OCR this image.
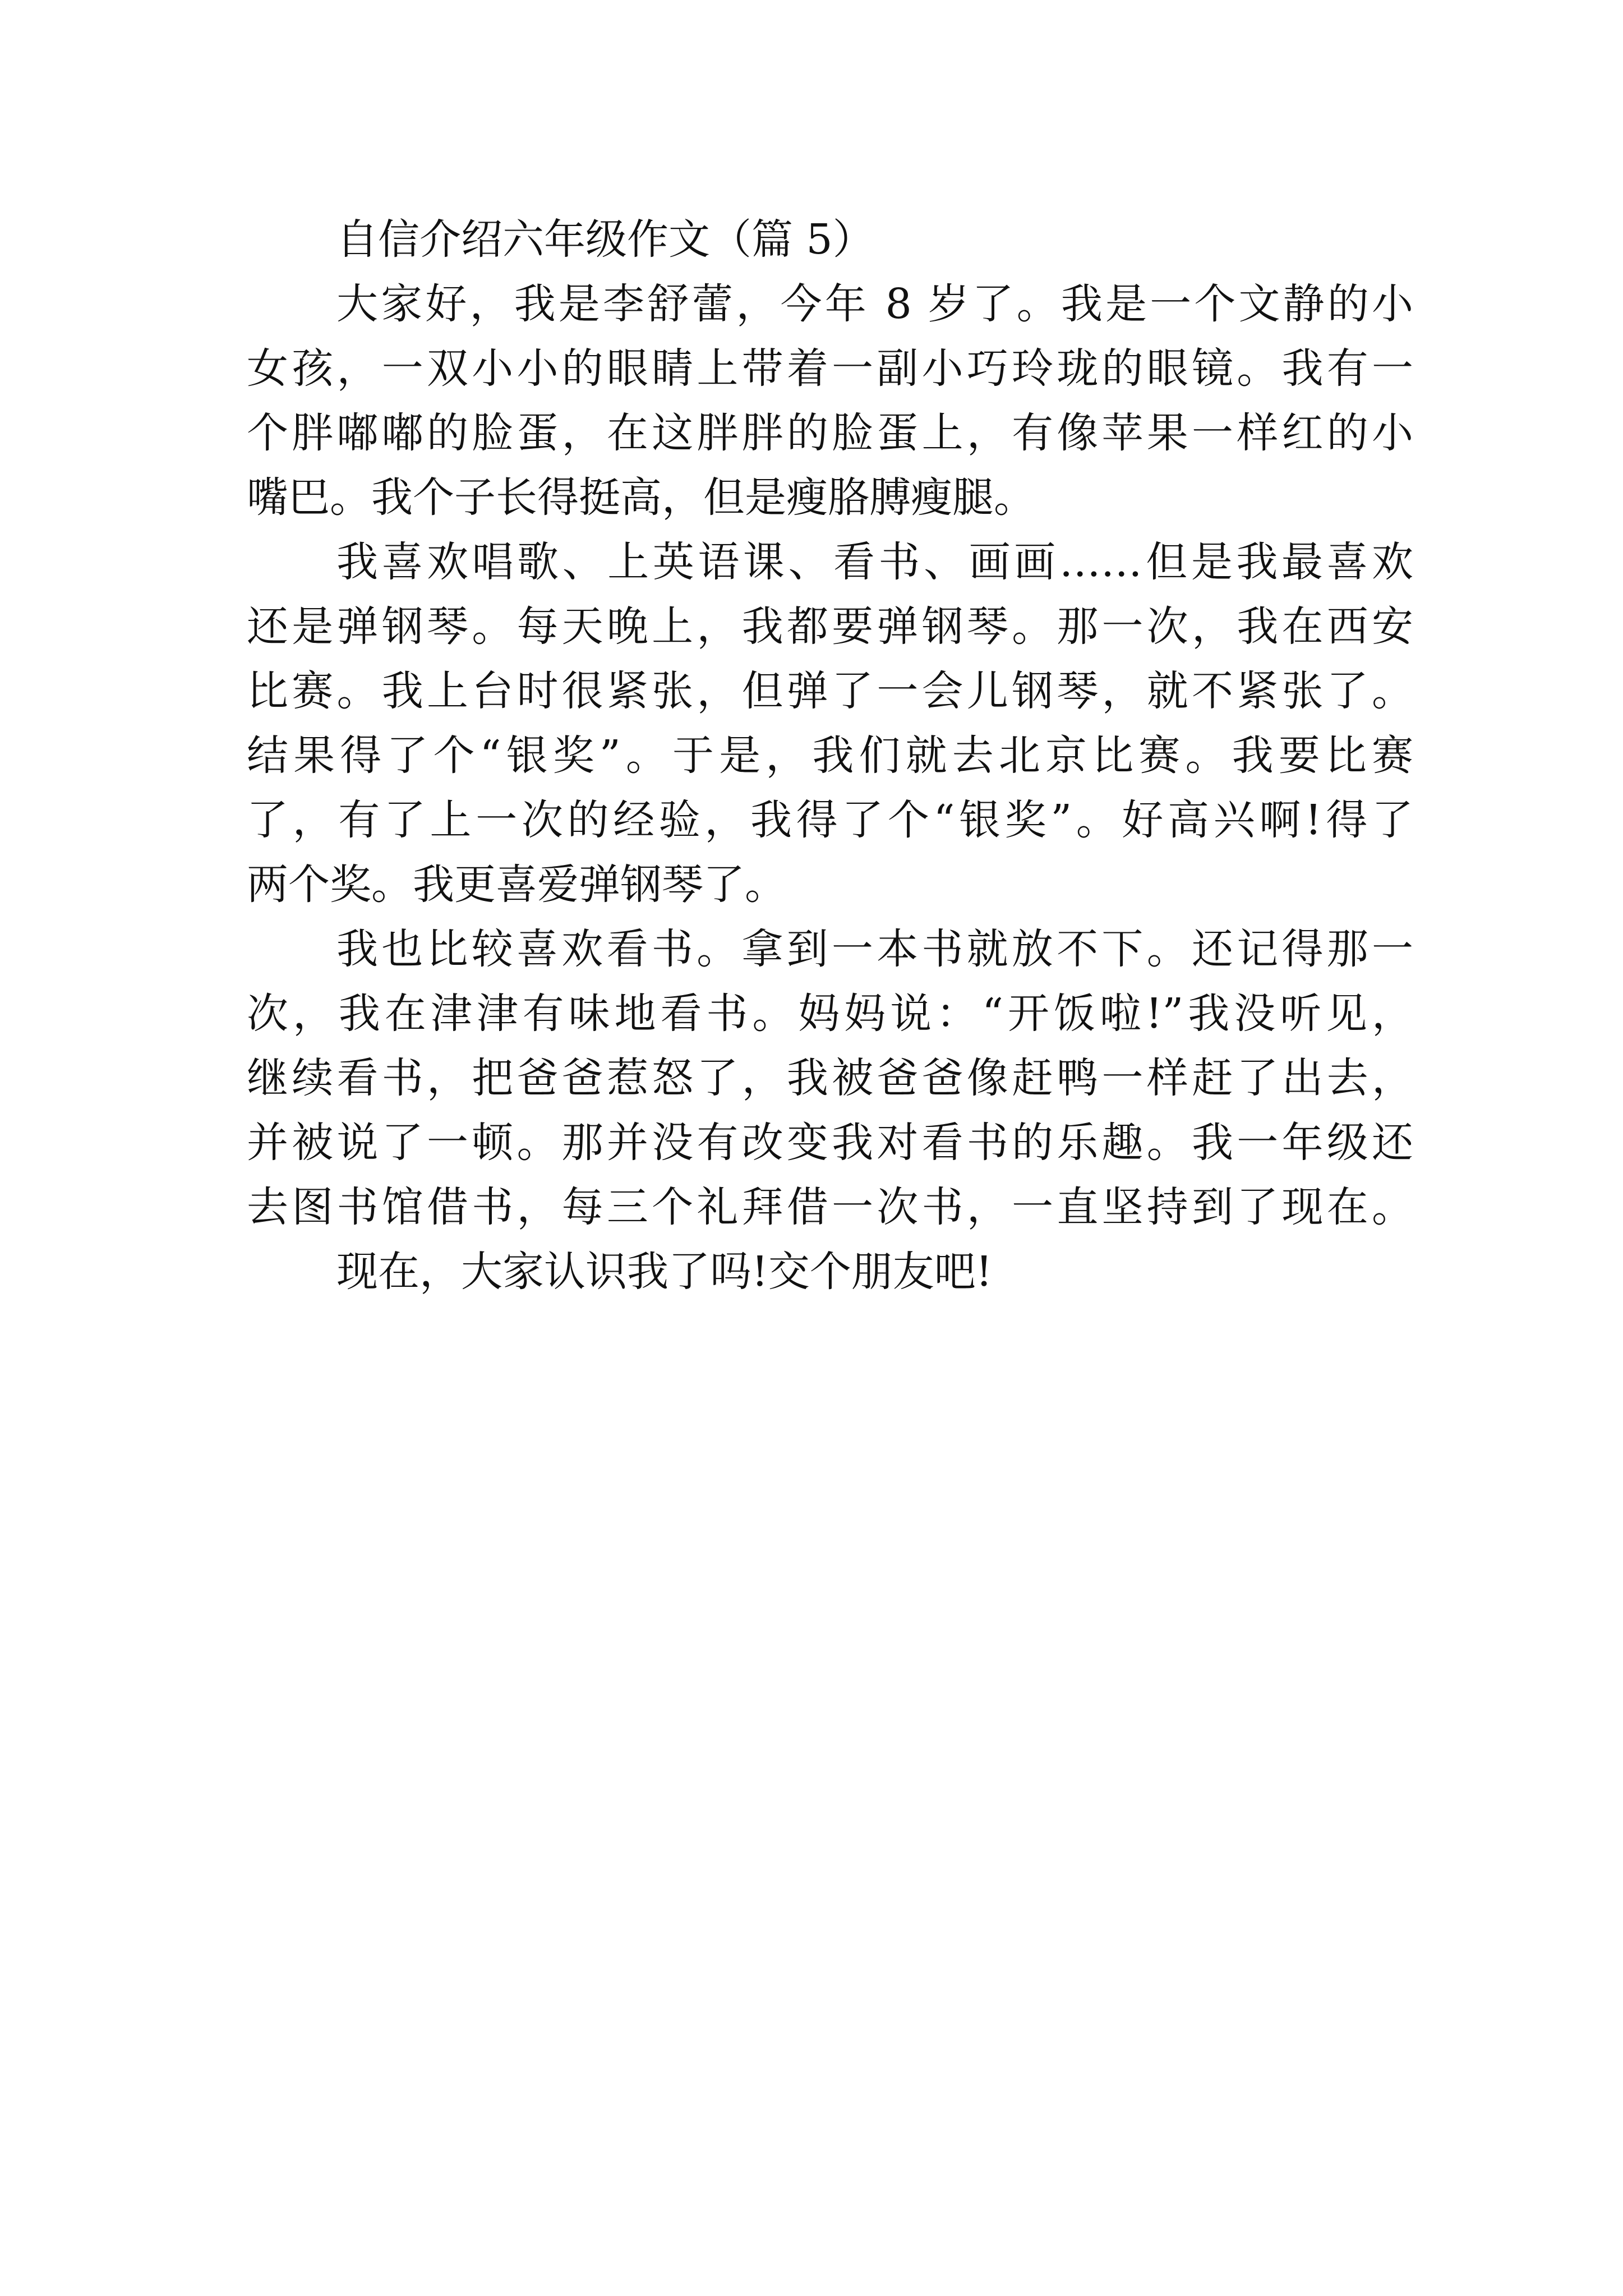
自信介绍六年级作文（篇 5）
大家好，我是李舒蕾，今年 8 岁了。我是一个文静的小
女孩，一双小小的眼睛上带着一副小巧玲珑的眼镜。我有一
个胖嘟嘟的脸蛋，在这胖胖的脸蛋上，有像苹果一样红的小
嘴巴。我个子长得挺高，但是瘦胳膊瘦腿。
我喜欢唱歌、上英语课、看书、画画……但是我最喜欢
还是弹钢琴。每天晚上，我都要弹钢琴。那一次，我在西安
比赛。我上台时很紧张，但弹了一会儿钢琴，就不紧张了。
结果得了个“银奖”。于是，我们就去北京比赛。我要比赛
了，有了上一次的经验，我得了个“银奖”。好高兴啊!得了
两个奖。我更喜爱弹钢琴了。
我也比较喜欢看书。拿到一本书就放不下。还记得那一
次，我在津津有味地看书。妈妈说：“开饭啦!”我没听见，
继续看书，把爸爸惹怒了，我被爸爸像赶鸭一样赶了出去，
并被说了一顿。那并没有改变我对看书的乐趣。我一年级还
去图书馆借书，每三个礼拜借一次书，一直坚持到了现在。
现在，大家认识我了吗!交个朋友吧!
